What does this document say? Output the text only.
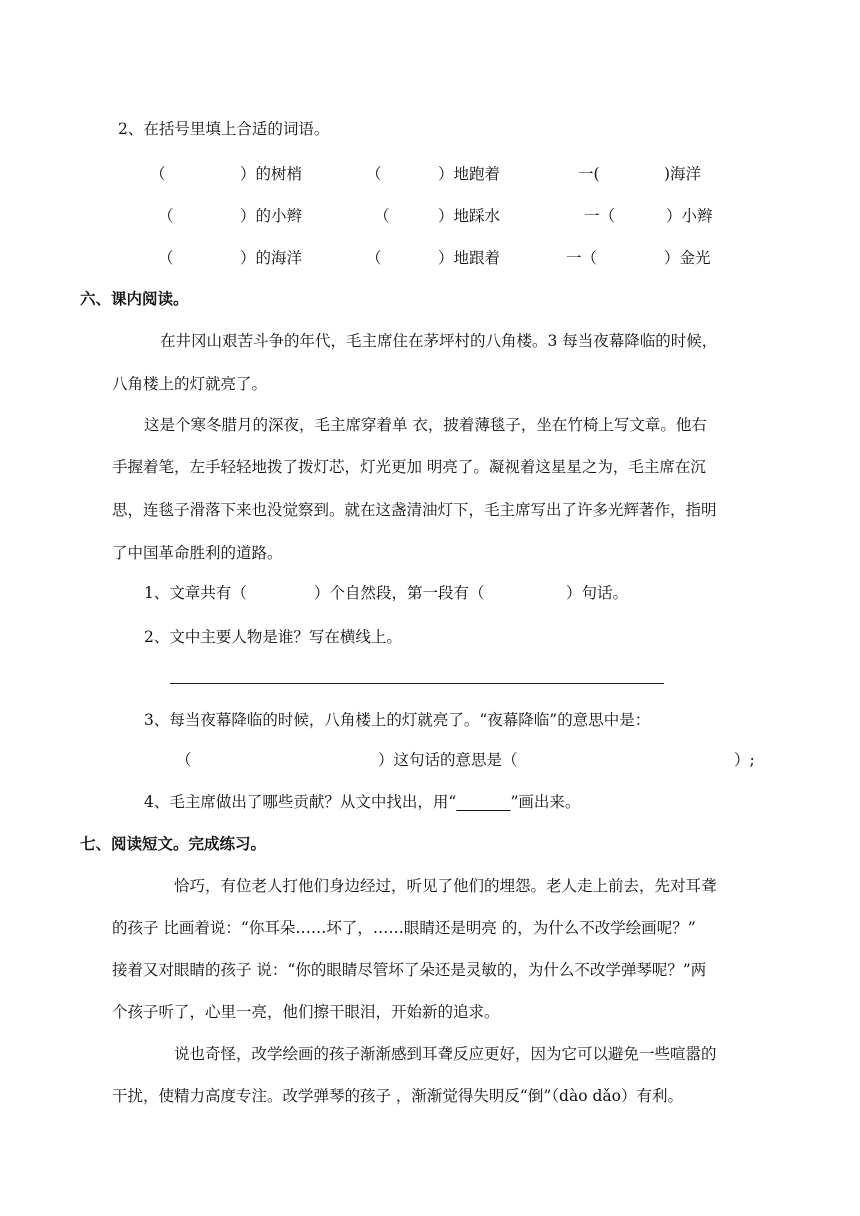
2、在括号里填上合适的词语。
（	）的树梢	（	）地跑着	一(	)海洋
（	）的小辫	（	）地踩水	一（	）小辫
（	）的海洋	（	）地跟着	一（	）金光
六、课内阅读。
在井冈山艰苦斗争的年代，毛主席住在茅坪村的八角楼。3 每当夜幕降临的时候，
八角楼上的灯就亮了。
这是个寒冬腊月的深夜，毛主席穿着单 衣，披着薄毯子，坐在竹椅上写文章。他右
手握着笔，左手轻轻地拨了拨灯芯，灯光更加 明亮了。凝视着这星星之为，毛主席在沉
思，连毯子滑落下来也没觉察到。就在这盏清油灯下，毛主席写出了许多光辉著作，指明
了中国革命胜利的道路。
1、文章共有（	）个自然段，第一段有（	）句话。
2、文中主要人物是谁？写在横线上。
3、每当夜幕降临的时候，八角楼上的灯就亮了。“夜幕降临”的意思中是：
（	）这句话的意思是（	）;
4、毛主席做出了哪些贡献？从文中找出，用“	”画出来。
七、阅读短文。完成练习。
恰巧，有位老人打他们身边经过，听见了他们的埋怨。老人走上前去，先对耳聋
的孩子 比画着说：“你耳朵……坏了，……眼睛还是明亮 的，为什么不改学绘画呢？”
接着又对眼睛的孩子 说：“你的眼睛尽管坏了朵还是灵敏的，为什么不改学弹琴呢？”两
个孩子听了，心里一亮，他们擦干眼泪，开始新的追求。
说也奇怪，改学绘画的孩子渐渐感到耳聋反应更好，因为它可以避免一些喧嚣的
干扰，使精力高度专注。改学弹琴的孩子 ，渐渐觉得失明反“倒”（dào dǎo）有利。
